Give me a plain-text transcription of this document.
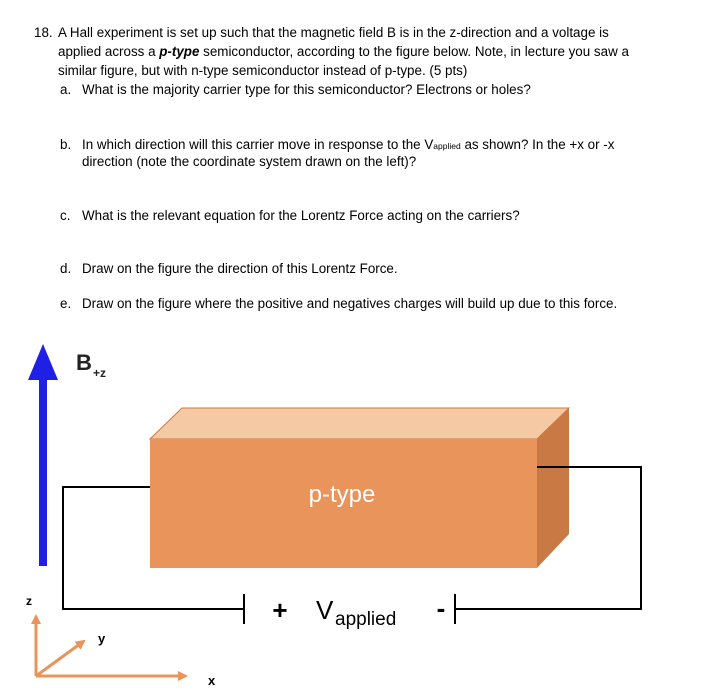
18. A Hall experiment is set up such that the magnetic field B is in the z-direction and a voltage is
applied across a p-type semiconductor, according to the figure below. Note, in lecture you saw a
similar figure, but with n-type semiconductor instead of p-type. (5 pts)
a. What is the majority carrier type for this semiconductor? Electrons or holes?
b. In which direction will this carrier move in response to the Vapplied as shown? In the +x or -x
direction (note the coordinate system drawn on the left)?
c. What is the relevant equation for the Lorentz Force acting on the carriers?
d. Draw on the figure the direction of this Lorentz Force.
e. Draw on the figure where the positive and negatives charges will build up due to this force.
B +z
p-type
+ V applied -
z
y
x
